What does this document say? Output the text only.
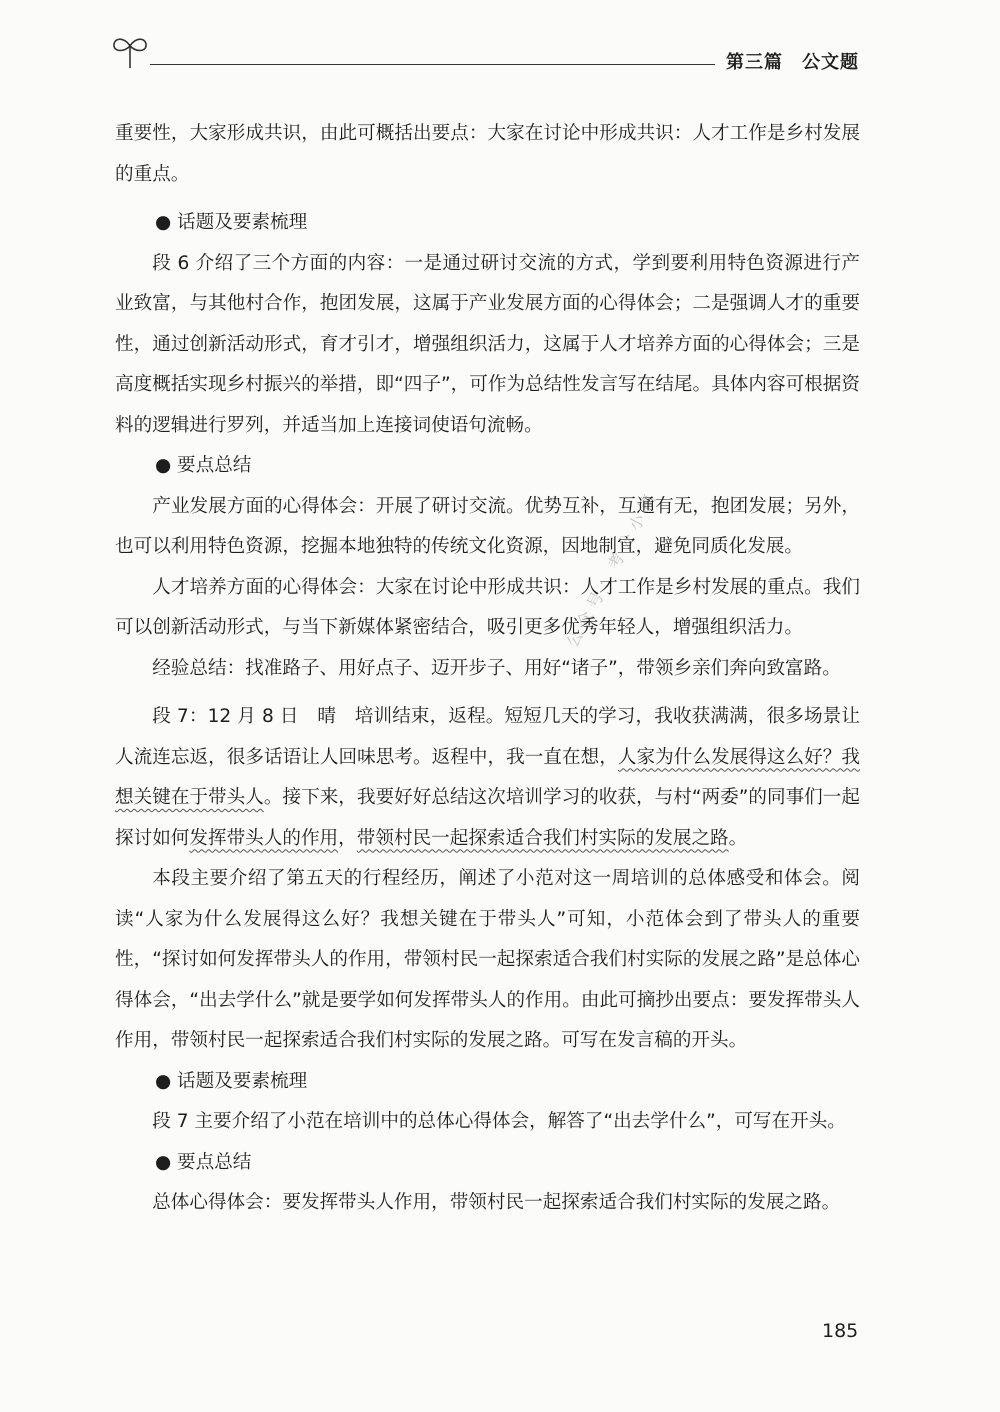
第三篇　公文题
公众号：考公小镇

重要性，大家形成共识，由此可概括出要点：大家在讨论中形成共识：人才工作是乡村发展的重点。

● 话题及要素梳理

段 6 介绍了三个方面的内容：一是通过研讨交流的方式，学到要利用特色资源进行产业致富，与其他村合作，抱团发展，这属于产业发展方面的心得体会；二是强调人才的重要性，通过创新活动形式，育才引才，增强组织活力，这属于人才培养方面的心得体会；三是高度概括实现乡村振兴的举措，即“四子”，可作为总结性发言写在结尾。具体内容可根据资料的逻辑进行罗列，并适当加上连接词使语句流畅。

● 要点总结

产业发展方面的心得体会：开展了研讨交流。优势互补，互通有无，抱团发展；另外，也可以利用特色资源，挖掘本地独特的传统文化资源，因地制宜，避免同质化发展。

人才培养方面的心得体会：大家在讨论中形成共识：人才工作是乡村发展的重点。我们可以创新活动形式，与当下新媒体紧密结合，吸引更多优秀年轻人，增强组织活力。

经验总结：找准路子、用好点子、迈开步子、用好“诸子”，带领乡亲们奔向致富路。

段 7：12 月 8 日　晴　培训结束，返程。短短几天的学习，我收获满满，很多场景让人流连忘返，很多话语让人回味思考。返程中，我一直在想，人家为什么发展得这么好？我想关键在于带头人。接下来，我要好好总结这次培训学习的收获，与村“两委”的同事们一起探讨如何发挥带头人的作用，带领村民一起探索适合我们村实际的发展之路。

本段主要介绍了第五天的行程经历，阐述了小范对这一周培训的总体感受和体会。阅读“人家为什么发展得这么好？我想关键在于带头人”可知，小范体会到了带头人的重要性，“探讨如何发挥带头人的作用，带领村民一起探索适合我们村实际的发展之路”是总体心得体会，“出去学什么”就是要学如何发挥带头人的作用。由此可摘抄出要点：要发挥带头人作用，带领村民一起探索适合我们村实际的发展之路。可写在发言稿的开头。

● 话题及要素梳理

段 7 主要介绍了小范在培训中的总体心得体会，解答了“出去学什么”，可写在开头。

● 要点总结

总体心得体会：要发挥带头人作用，带领村民一起探索适合我们村实际的发展之路。

185
